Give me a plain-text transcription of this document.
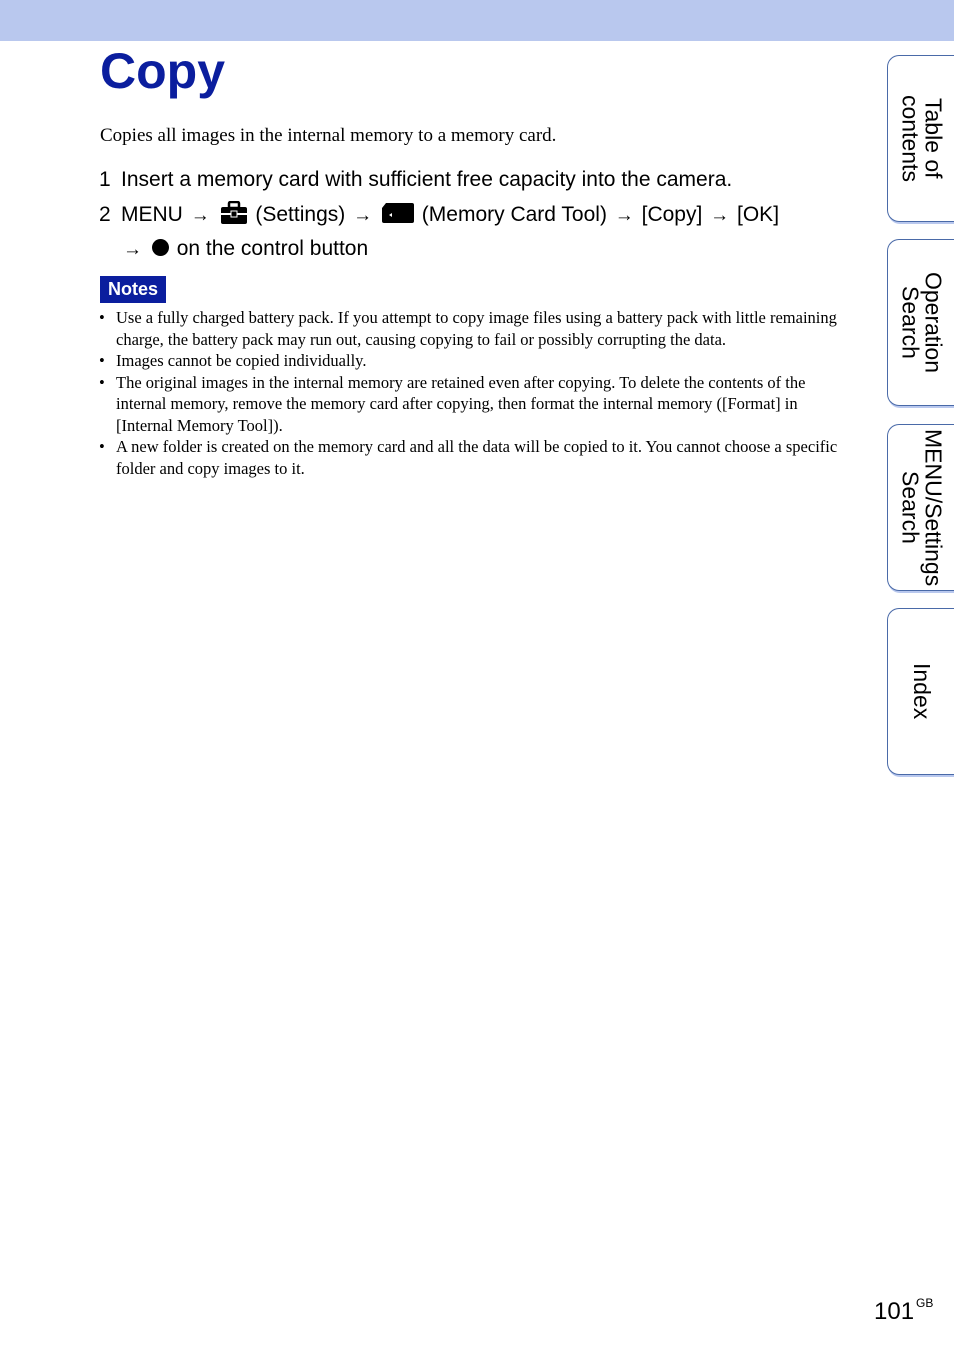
Copy

Copies all images in the internal memory to a memory card.

1 Insert a memory card with sufficient free capacity into the camera.
2 MENU → (Settings) → (Memory Card Tool) → [Copy] → [OK]
→ on the control button
Notes
• Use a fully charged battery pack. If you attempt to copy image files using a battery pack with little remaining charge, the battery pack may run out, causing copying to fail or possibly corrupting the data.
• Images cannot be copied individually.
• The original images in the internal memory are retained even after copying. To delete the contents of the internal memory, remove the memory card after copying, then format the internal memory ([Format] in [Internal Memory Tool]).
• A new folder is created on the memory card and all the data will be copied to it. You cannot choose a specific folder and copy images to it.
Table of
contents
Operation
Search
MENU/Settings
Search
Index
101 $^{GB}$
